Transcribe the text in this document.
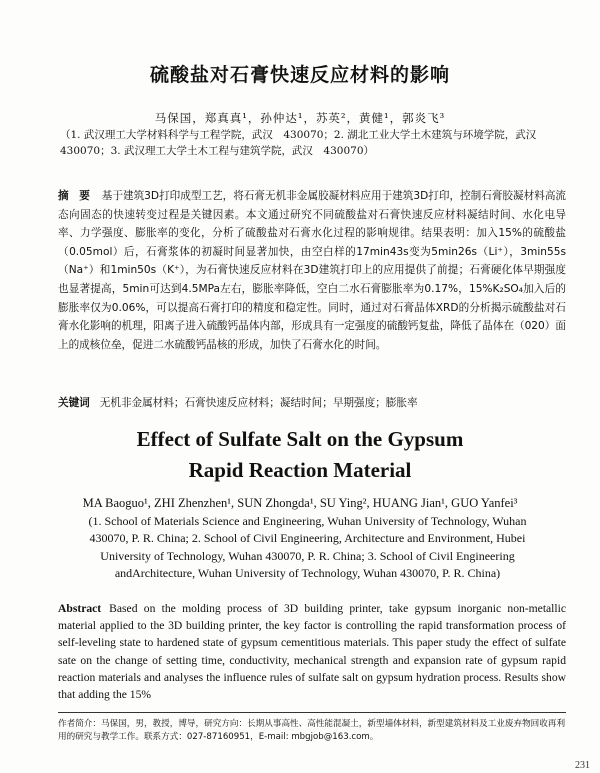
硫酸盐对石膏快速反应材料的影响
马保国，郑真真¹，孙仲达¹，苏英²，黄健¹，郭炎飞³
（1. 武汉理工大学材料科学与工程学院，武汉　430070；2. 湖北工业大学土木建筑与环境学院，武汉　430070；3. 武汉理工大学土木工程与建筑学院，武汉　430070）
摘　要 基于建筑3D打印成型工艺，将石膏无机非金属胶凝材料应用于建筑3D打印，控制石膏胶凝材料高流态向固态的快速转变过程是关键因素。本文通过研究不同硫酸盐对石膏快速反应材料凝结时间、水化电导率、力学强度、膨胀率的变化，分析了硫酸盐对石膏水化过程的影响规律。结果表明：加入15%的硫酸盐（0.05mol）后，石膏浆体的初凝时间显著加快，由空白样的17min43s变为5min26s（Li⁺），3min55s（Na⁺）和1min50s（K⁺），为石膏快速反应材料在3D建筑打印上的应用提供了前提；石膏硬化体早期强度也显著提高，5min可达到4.5MPa左右，膨胀率降低，空白二水石膏膨胀率为0.17%，15%K₂SO₄加入后的膨胀率仅为0.06%，可以提高石膏打印的精度和稳定性。同时，通过对石膏晶体XRD的分析揭示硫酸盐对石膏水化影响的机理，阳离子进入硫酸钙晶体内部，形成具有一定强度的硫酸钙复盐，降低了晶体在（020）面上的成核位垒，促进二水硫酸钙晶核的形成，加快了石膏水化的时间。
关键词 无机非金属材料；石膏快速反应材料；凝结时间；早期强度；膨胀率
Effect of Sulfate Salt on the Gypsum
Rapid Reaction Material
MA Baoguo¹, ZHI Zhenzhen¹, SUN Zhongda¹, SU Ying², HUANG Jian¹, GUO Yanfei³
(1. School of Materials Science and Engineering, Wuhan University of Technology, Wuhan 430070, P. R. China; 2. School of Civil Engineering, Architecture and Environment, Hubei University of Technology, Wuhan 430070, P. R. China; 3. School of Civil Engineering andArchitecture, Wuhan University of Technology, Wuhan 430070, P. R. China)
Abstract Based on the molding process of 3D building printer, take gypsum inorganic non-metallic material applied to the 3D building printer, the key factor is controlling the rapid transformation process of self-leveling state to hardened state of gypsum cementitious materials. This paper study the effect of sulfate sate on the change of setting time, conductivity, mechanical strength and expansion rate of gypsum rapid reaction materials and analyses the influence rules of sulfate salt on gypsum hydration process. Results show that adding the 15%
作者简介：马保国，男，教授，博导，研究方向：长期从事高性、高性能混凝土，新型墙体材料，新型建筑材料及工业废弃物回收再利用的研究与教学工作。联系方式：027-87160951，E-mail: mbgjob@163.com。
231
